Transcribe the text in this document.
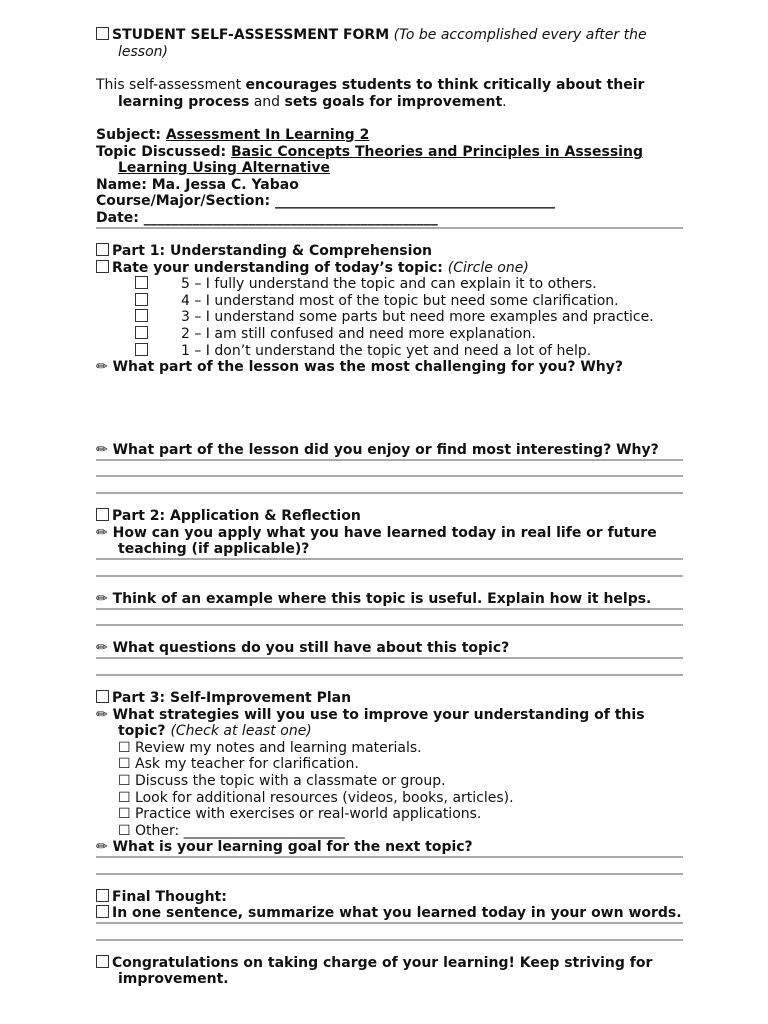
STUDENT SELF-ASSESSMENT FORM (To be accomplished every after the
lesson)
This self-assessment encourages students to think critically about their
learning process and sets goals for improvement.
Subject: Assessment In Learning 2
Topic Discussed: Basic Concepts Theories and Principles in Assessing
Learning Using Alternative
Name: Ma. Jessa C. Yabao
Course/Major/Section: ________________________________________
Date: __________________________________________
Part 1: Understanding & Comprehension
Rate your understanding of today’s topic: (Circle one)
5 – I fully understand the topic and can explain it to others.
4 – I understand most of the topic but need some clarification.
3 – I understand some parts but need more examples and practice.
2 – I am still confused and need more explanation.
1 – I don’t understand the topic yet and need a lot of help.
✏ What part of the lesson was the most challenging for you? Why?
✏ What part of the lesson did you enjoy or find most interesting? Why?
Part 2: Application & Reflection
✏ How can you apply what you have learned today in real life or future
teaching (if applicable)?
✏ Think of an example where this topic is useful. Explain how it helps.
✏ What questions do you still have about this topic?
Part 3: Self-Improvement Plan
✏ What strategies will you use to improve your understanding of this
topic? (Check at least one)
☐ Review my notes and learning materials.
☐ Ask my teacher for clarification.
☐ Discuss the topic with a classmate or group.
☐ Look for additional resources (videos, books, articles).
☐ Practice with exercises or real-world applications.
☐ Other: _______________________
✏ What is your learning goal for the next topic?
Final Thought:
In one sentence, summarize what you learned today in your own words.
Congratulations on taking charge of your learning! Keep striving for
improvement.
